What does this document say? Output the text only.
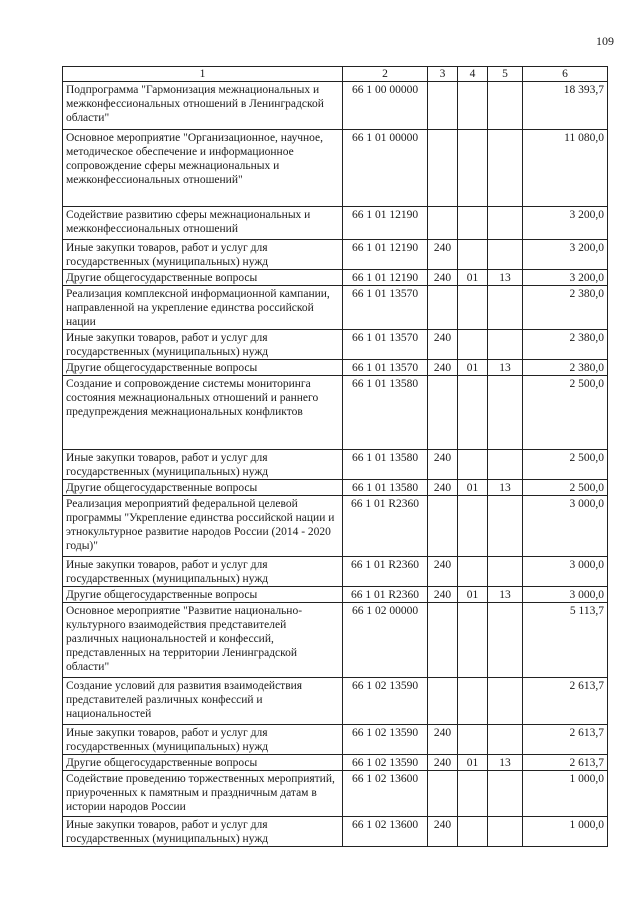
109
1	2	3	4	5	6
Подпрограмма "Гармонизация межнациональных и межконфессиональных отношений в Ленинградской области"	66 1 00 00000				18 393,7
Основное мероприятие "Организационное, научное, методическое обеспечение и информационное сопровождение сферы межнациональных и межконфессиональных отношений"	66 1 01 00000				11 080,0
Содействие развитию сферы межнациональных и межконфессиональных отношений	66 1 01 12190				3 200,0
Иные закупки товаров, работ и услуг для государственных (муниципальных) нужд	66 1 01 12190	240			3 200,0
Другие общегосударственные вопросы	66 1 01 12190	240	01	13	3 200,0
Реализация комплексной информационной кампании, направленной на укрепление единства российской нации	66 1 01 13570				2 380,0
Иные закупки товаров, работ и услуг для государственных (муниципальных) нужд	66 1 01 13570	240			2 380,0
Другие общегосударственные вопросы	66 1 01 13570	240	01	13	2 380,0
Создание и сопровождение системы мониторинга состояния межнациональных отношений и раннего предупреждения межнациональных конфликтов	66 1 01 13580				2 500,0
Иные закупки товаров, работ и услуг для государственных (муниципальных) нужд	66 1 01 13580	240			2 500,0
Другие общегосударственные вопросы	66 1 01 13580	240	01	13	2 500,0
Реализация мероприятий федеральной целевой программы "Укрепление единства российской нации и этнокультурное развитие народов России (2014 - 2020 годы)"	66 1 01 R2360				3 000,0
Иные закупки товаров, работ и услуг для государственных (муниципальных) нужд	66 1 01 R2360	240			3 000,0
Другие общегосударственные вопросы	66 1 01 R2360	240	01	13	3 000,0
Основное мероприятие "Развитие национально-культурного взаимодействия представителей различных национальностей и конфессий, представленных на территории Ленинградской области"	66 1 02 00000				5 113,7
Создание условий для развития взаимодействия представителей различных конфессий и национальностей	66 1 02 13590				2 613,7
Иные закупки товаров, работ и услуг для государственных (муниципальных) нужд	66 1 02 13590	240			2 613,7
Другие общегосударственные вопросы	66 1 02 13590	240	01	13	2 613,7
Содействие проведению торжественных мероприятий, приуроченных к памятным и праздничным датам в истории народов России	66 1 02 13600				1 000,0
Иные закупки товаров, работ и услуг для государственных (муниципальных) нужд	66 1 02 13600	240			1 000,0
